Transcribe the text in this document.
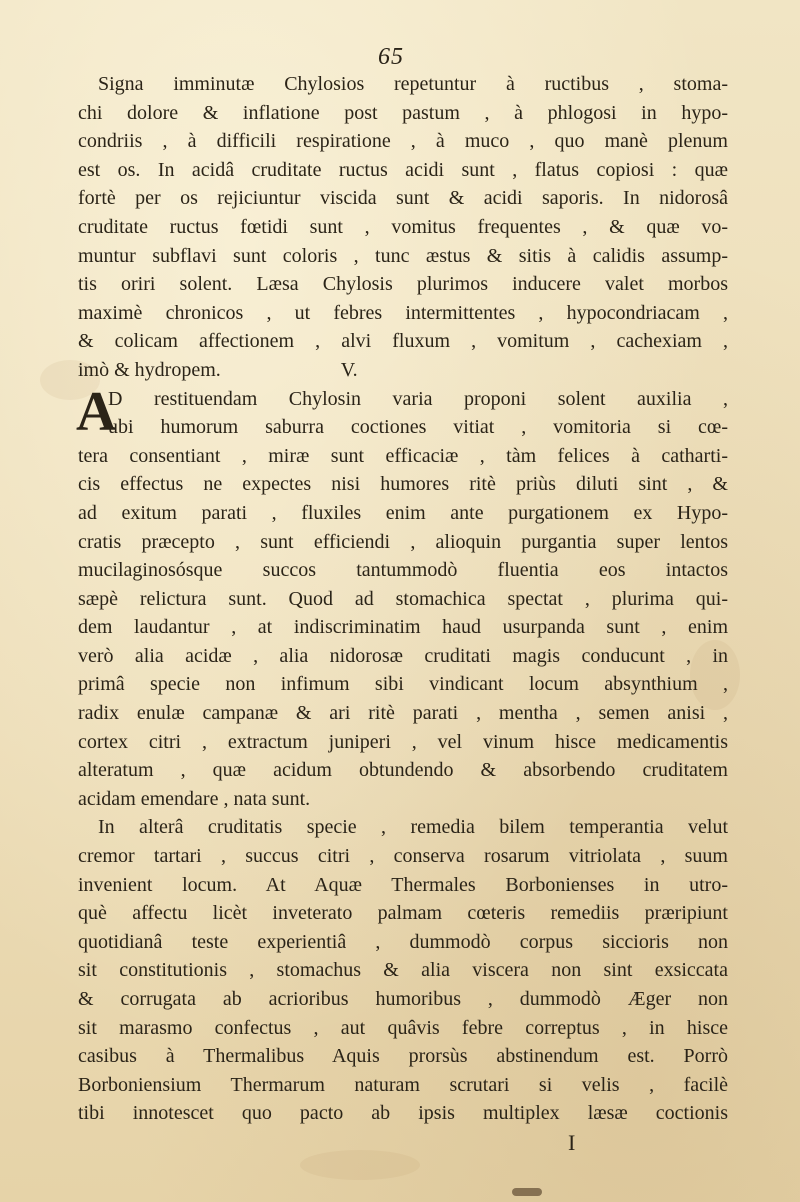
65
Signa imminutæ Chylosios repetuntur à ructibus , stoma-
chi dolore & inflatione post pastum , à phlogosi in hypo-
condriis , à difficili respiratione , à muco , quo manè plenum
est os. In acidâ cruditate ructus acidi sunt , flatus copiosi : quæ
fortè per os rejiciuntur viscida sunt & acidi saporis. In nidorosâ
cruditate ructus fœtidi sunt , vomitus frequentes , & quæ vo-
muntur subflavi sunt coloris , tunc æstus & sitis à calidis assump-
tis oriri solent. Læsa Chylosis plurimos inducere valet morbos
maximè chronicos , ut febres intermittentes , hypocondriacam ,
& colicam affectionem , alvi fluxum , vomitum , cachexiam ,
imò & hydropem.	V.
A
D restituendam Chylosin varia proponi solent auxilia ,
ubi humorum saburra coctiones vitiat , vomitoria si cœ-
tera consentiant , miræ sunt efficaciæ , tàm felices à catharti-
cis effectus ne expectes nisi humores ritè priùs diluti sint , &
ad exitum parati , fluxiles enim ante purgationem ex Hypo-
cratis præcepto , sunt efficiendi , alioquin purgantia super lentos
mucilaginosósque succos tantummodò fluentia eos intactos
sæpè relictura sunt. Quod ad stomachica spectat , plurima qui-
dem laudantur , at indiscriminatim haud usurpanda sunt , enim
verò alia acidæ , alia nidorosæ cruditati magis conducunt , in
primâ specie non infimum sibi vindicant locum absynthium ,
radix enulæ campanæ & ari ritè parati , mentha , semen anisi ,
cortex citri , extractum juniperi , vel vinum hisce medicamentis
alteratum , quæ acidum obtundendo & absorbendo cruditatem
acidam emendare , nata sunt.
In alterâ cruditatis specie , remedia bilem temperantia velut
cremor tartari , succus citri , conserva rosarum vitriolata , suum
invenient locum. At Aquæ Thermales Borbonienses in utro-
què affectu licèt inveterato palmam cœteris remediis præripiunt
quotidianâ teste experientiâ , dummodò corpus siccioris non
sit constitutionis , stomachus & alia viscera non sint exsiccata
& corrugata ab acrioribus humoribus , dummodò Æger non
sit marasmo confectus , aut quâvis febre correptus , in hisce
casibus à Thermalibus Aquis prorsùs abstinendum est. Porrò
Borboniensium Thermarum naturam scrutari si velis , facilè
tibi innotescet quo pacto ab ipsis multiplex læsæ coctionis
I
